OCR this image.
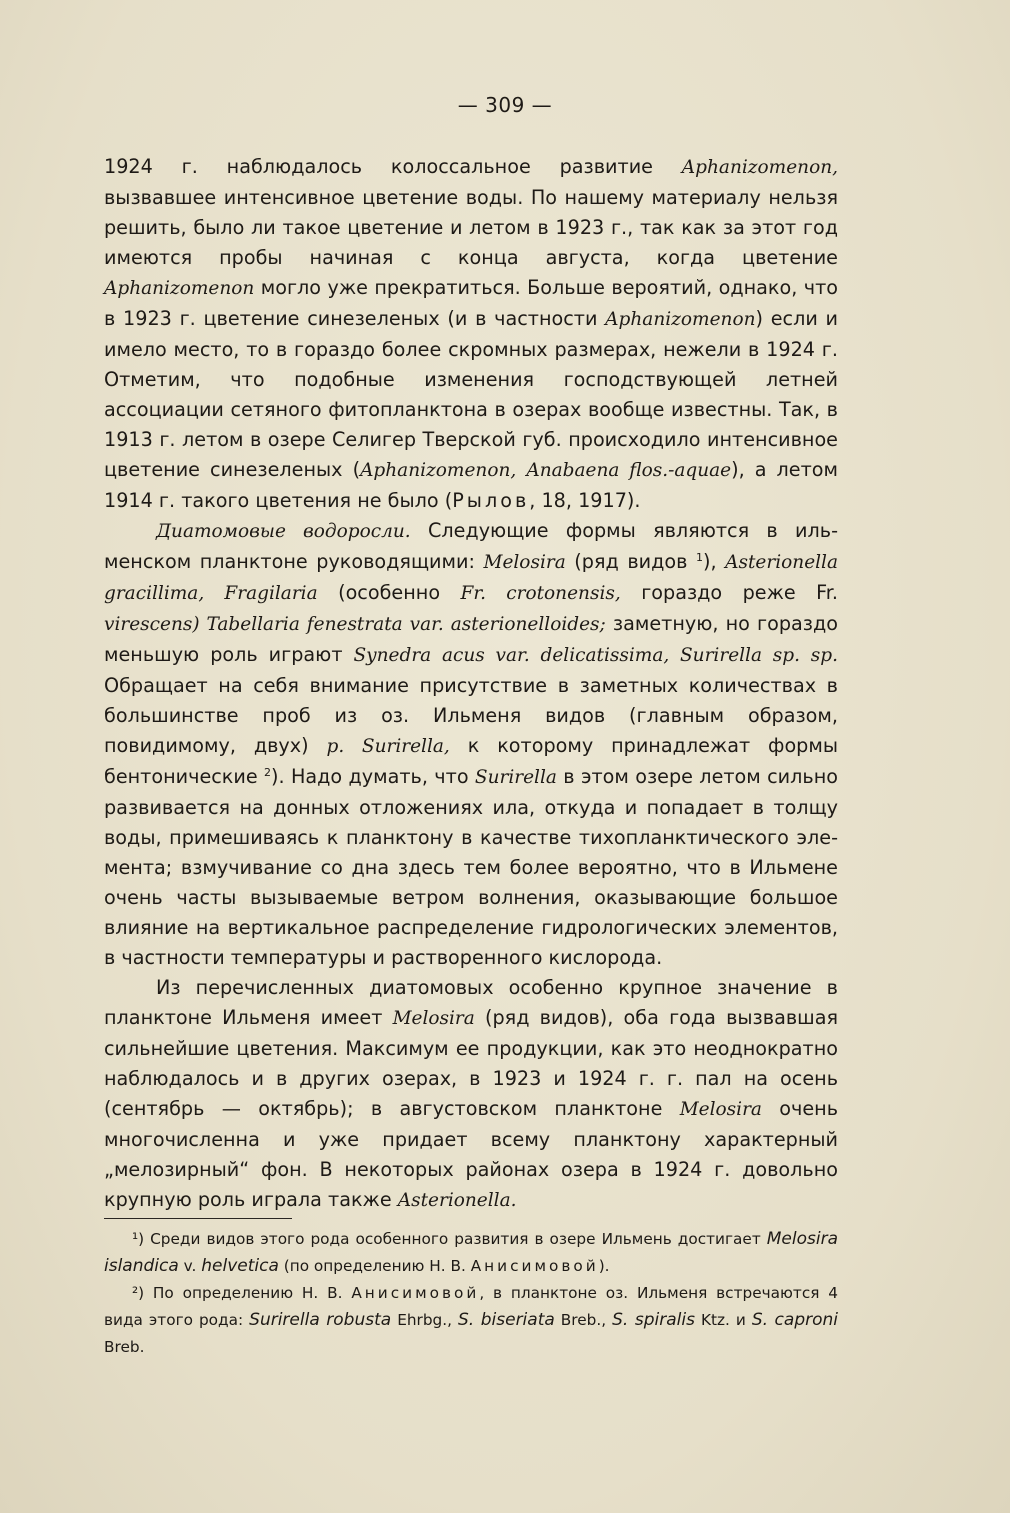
— 309 —

1924 г. наблюдалось колоссальное развитие Aphanizomenon, вызвавшее интенсивное цветение воды. По нашему материалу нельзя решить, было ли такое цветение и летом в 1923 г., так как за этот год имеются пробы начиная с конца августа, когда цветение Aphanizomenon могло уже прекратиться. Больше вероятий, однако, что в 1923 г. цветение синезеленых (и в частности Aphanizomenon) если и имело место, то в гораздо более скромных размерах, нежели в 1924 г. Отметим, что подобные изменения господствующей летней ассоциации сетяного фитопланктона в озерах вообще известны. Так, в 1913 г. летом в озере Селигер Тверской губ. происходило интенсивное цветение синезеленых (Aphanizomenon, Anabaena flos.-aquae), а летом 1914 г. такого цветения не было (Рылов, 18, 1917).

Диатомовые водоросли. Следующие формы являются в ильменском планктоне руководящими: Melosira (ряд видов $^1$), Asterionella gracillima, Fragilaria (особенно Fr. crotonensis, гораздо реже Fr. virescens) Tabellaria fenestrata var. asterionelloides; заметную, но гораздо меньшую роль играют Synedra acus var. delicatissima, Surirella sp. sp. Обращает на себя внимание присутствие в заметных количествах в большинстве проб из оз. Ильменя видов (главным образом, повидимому, двух) p. Surirella, к которому принадлежат формы бентонические $^2$). Надо думать, что Surirella в этом озере летом сильно развивается на донных отложениях ила, откуда и попадает в толщу воды, примешиваясь к планктону в качестве тихопланктического элемента; взмучивание со дна здесь тем более вероятно, что в Ильмене очень часты вызываемые ветром волнения, оказывающие большое влияние на вертикальное распределение гидрологических элементов, в частности температуры и растворенного кислорода.

Из перечисленных диатомовых особенно крупное значение в планктоне Ильменя имеет Melosira (ряд видов), оба года вызвавшая сильнейшие цветения. Максимум ее продукции, как это неоднократно наблюдалось и в других озерах, в 1923 и 1924 г. г. пал на осень (сентябрь — октябрь); в августовском планктоне Melosira очень многочисленна и уже придает всему планктону характерный „мелозирный“ фон. В некоторых районах озера в 1924 г. довольно крупную роль играла также Asterionella.

¹) Среди видов этого рода особенного развития в озере Ильмень достигает Melosira islandica v. helvetica (по определению Н. В. Анисимовой).

²) По определению Н. В. Анисимовой, в планктоне оз. Ильменя встречаются 4 вида этого рода: Surirella robusta Ehrbg., S. biseriata Breb., S. spiralis Ktz. и S. caproni Breb.
